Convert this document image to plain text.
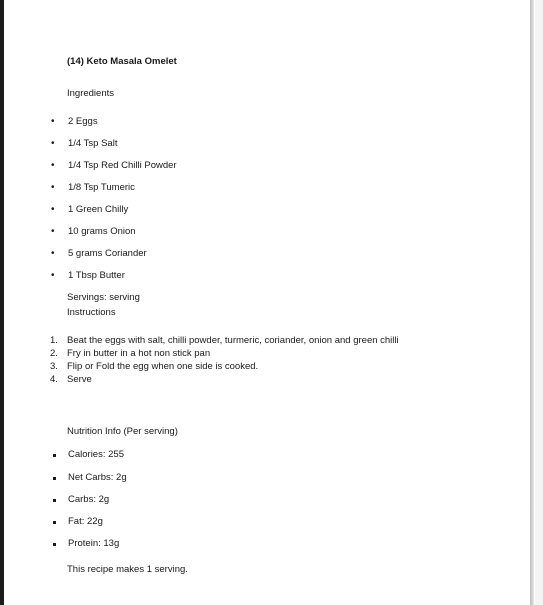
(14) Keto Masala Omelet
Ingredients
• 2 Eggs
• 1/4 Tsp Salt
• 1/4 Tsp Red Chilli Powder
• 1/8 Tsp Tumeric
• 1 Green Chilly
• 10 grams Onion
• 5 grams Coriander
• 1 Tbsp Butter
Servings: serving
Instructions
1. Beat the eggs with salt, chilli powder, turmeric, coriander, onion and green chilli
2. Fry in butter in a hot non stick pan
3. Flip or Fold the egg when one side is cooked.
4. Serve
Nutrition Info (Per serving)
Calories: 255
Net Carbs: 2g
Carbs: 2g
Fat: 22g
Protein: 13g
This recipe makes 1 serving.
